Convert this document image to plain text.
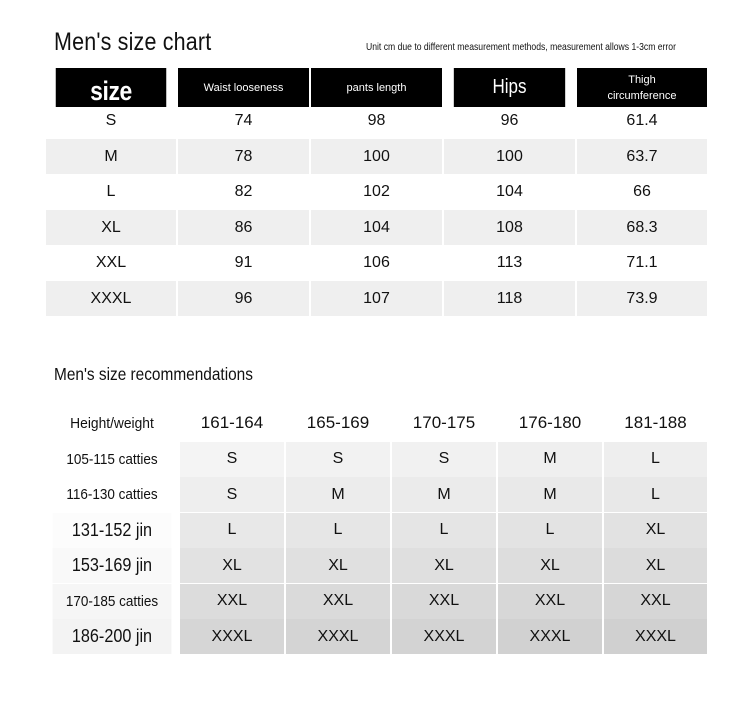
Men's size chart	Unit cm due to different measurement methods, measurement allows 1-3cm error
size	Waist looseness	pants length	Hips	Thigh
circumference
S	74	98	96	61.4
M	78	100	100	63.7
L	82	102	104	66
XL	86	104	108	68.3
XXL	91	106	113	71.1
XXXL	96	107	118	73.9
Men's size recommendations
Height/weight	161-164	165-169	170-175	176-180	181-188
105-115 catties	S	S	S	M	L
116-130 catties	S	M	M	M	L
131-152 jin	L	L	L	L	XL
153-169 jin	XL	XL	XL	XL	XL
170-185 catties	XXL	XXL	XXL	XXL	XXL
186-200 jin	XXXL	XXXL	XXXL	XXXL	XXXL
